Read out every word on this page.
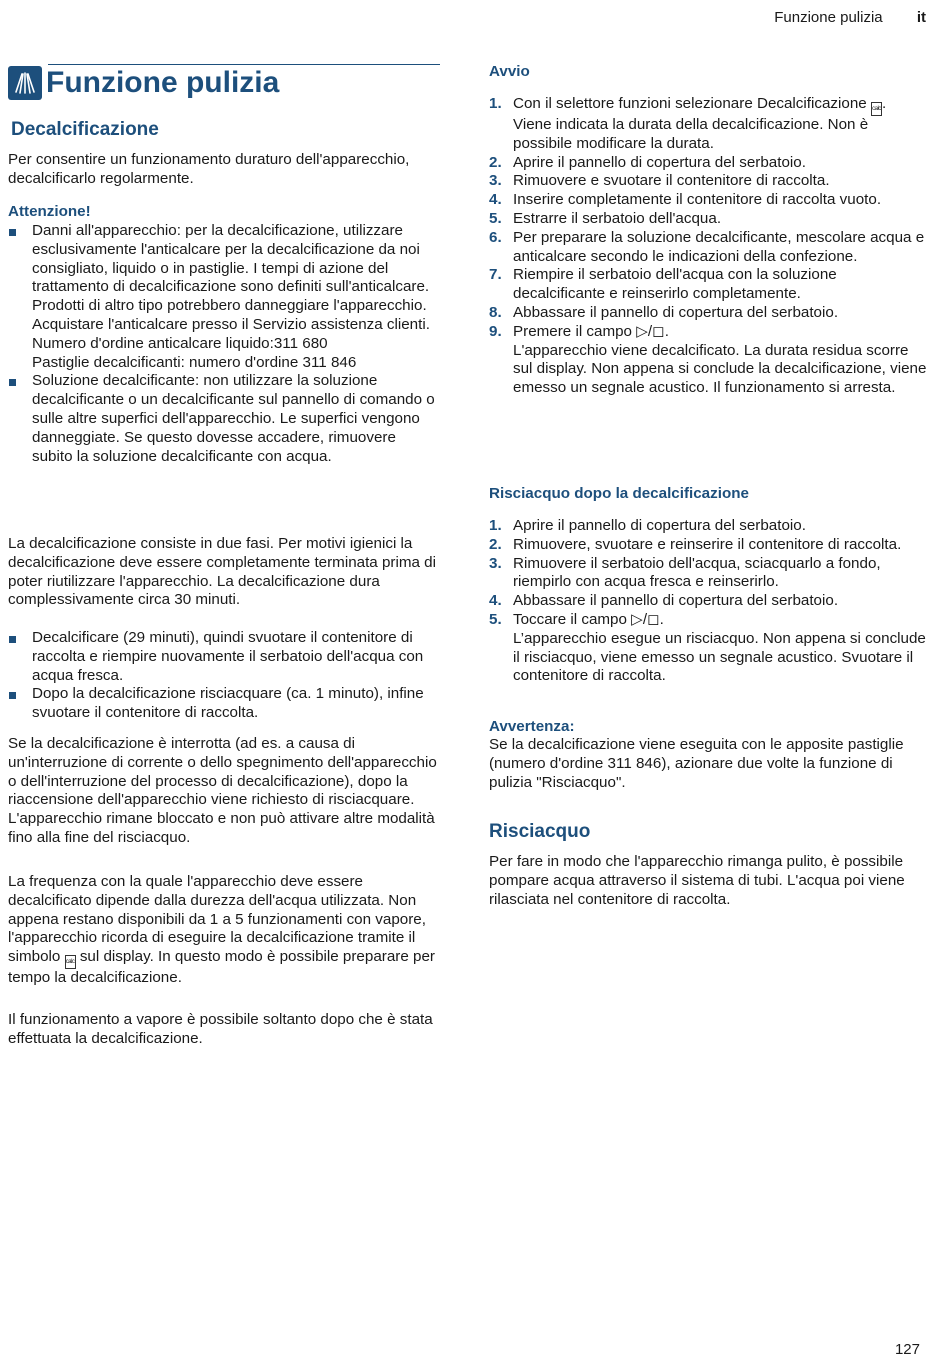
Funzione pulizia it
Funzione pulizia
Decalcificazione

Per consentire un funzionamento duraturo dell'apparecchio, decalcificarlo regolarmente.

Attenzione!
Danni all'apparecchio: per la decalcificazione, utilizzare esclusivamente l'anticalcare per la decalcificazione da noi consigliato, liquido o in pastiglie. I tempi di azione del trattamento di decalcificazione sono definiti sull'anticalcare. Prodotti di altro tipo potrebbero danneggiare l'apparecchio. Acquistare l'anticalcare presso il Servizio assistenza clienti.
Numero d'ordine anticalcare liquido:311 680
Pastiglie decalcificanti: numero d'ordine 311 846
Soluzione decalcificante: non utilizzare la soluzione decalcificante o un decalcificante sul pannello di comando o sulle altre superfici dell'apparecchio. Le superfici vengono danneggiate. Se questo dovesse accadere, rimuovere subito la soluzione decalcificante con acqua.

La decalcificazione consiste in due fasi. Per motivi igienici la decalcificazione deve essere completamente terminata prima di poter riutilizzare l'apparecchio. La decalcificazione dura complessivamente circa 30 minuti.

Decalcificare (29 minuti), quindi svuotare il contenitore di raccolta e riempire nuovamente il serbatoio dell'acqua con acqua fresca.
Dopo la decalcificazione risciacquare (ca. 1 minuto), infine svuotare il contenitore di raccolta.

Se la decalcificazione è interrotta (ad es. a causa di un'interruzione di corrente o dello spegnimento dell'apparecchio o dell'interruzione del processo di decalcificazione), dopo la riaccensione dell'apparecchio viene richiesto di risciacquare. L'apparecchio rimane bloccato e non può attivare altre modalità fino alla fine del risciacquo.

La frequenza con la quale l'apparecchio deve essere decalcificato dipende dalla durezza dell'acqua utilizzata. Non appena restano disponibili da 1 a 5 funzionamenti con vapore, l'apparecchio ricorda di eseguire la decalcificazione tramite il simbolo calc sul display. In questo modo è possibile preparare per tempo la decalcificazione.

Il funzionamento a vapore è possibile soltanto dopo che è stata effettuata la decalcificazione.

Avvio
1. Con il selettore funzioni selezionare Decalcificazione calc.
Viene indicata la durata della decalcificazione. Non è possibile modificare la durata.
2. Aprire il pannello di copertura del serbatoio.
3. Rimuovere e svuotare il contenitore di raccolta.
4. Inserire completamente il contenitore di raccolta vuoto.
5. Estrarre il serbatoio dell'acqua.
6. Per preparare la soluzione decalcificante, mescolare acqua e anticalcare secondo le indicazioni della confezione.
7. Riempire il serbatoio dell'acqua con la soluzione decalcificante e reinserirlo completamente.
8. Abbassare il pannello di copertura del serbatoio.
9. Premere il campo ▷/◻.
L'apparecchio viene decalcificato. La durata residua scorre sul display. Non appena si conclude la decalcificazione, viene emesso un segnale acustico. Il funzionamento si arresta.
Risciacquo dopo la decalcificazione
1. Aprire il pannello di copertura del serbatoio.
2. Rimuovere, svuotare e reinserire il contenitore di raccolta.
3. Rimuovere il serbatoio dell'acqua, sciacquarlo a fondo, riempirlo con acqua fresca e reinserirlo.
4. Abbassare il pannello di copertura del serbatoio.
5. Toccare il campo ▷/◻.
L’apparecchio esegue un risciacquo. Non appena si conclude il risciacquo, viene emesso un segnale acustico. Svuotare il contenitore di raccolta.
Avvertenza:

Se la decalcificazione viene eseguita con le apposite pastiglie (numero d'ordine 311 846), azionare due volte la funzione di pulizia "Risciacquo".

Risciacquo

Per fare in modo che l'apparecchio rimanga pulito, è possibile pompare acqua attraverso il sistema di tubi. L'acqua poi viene rilasciata nel contenitore di raccolta.

127
